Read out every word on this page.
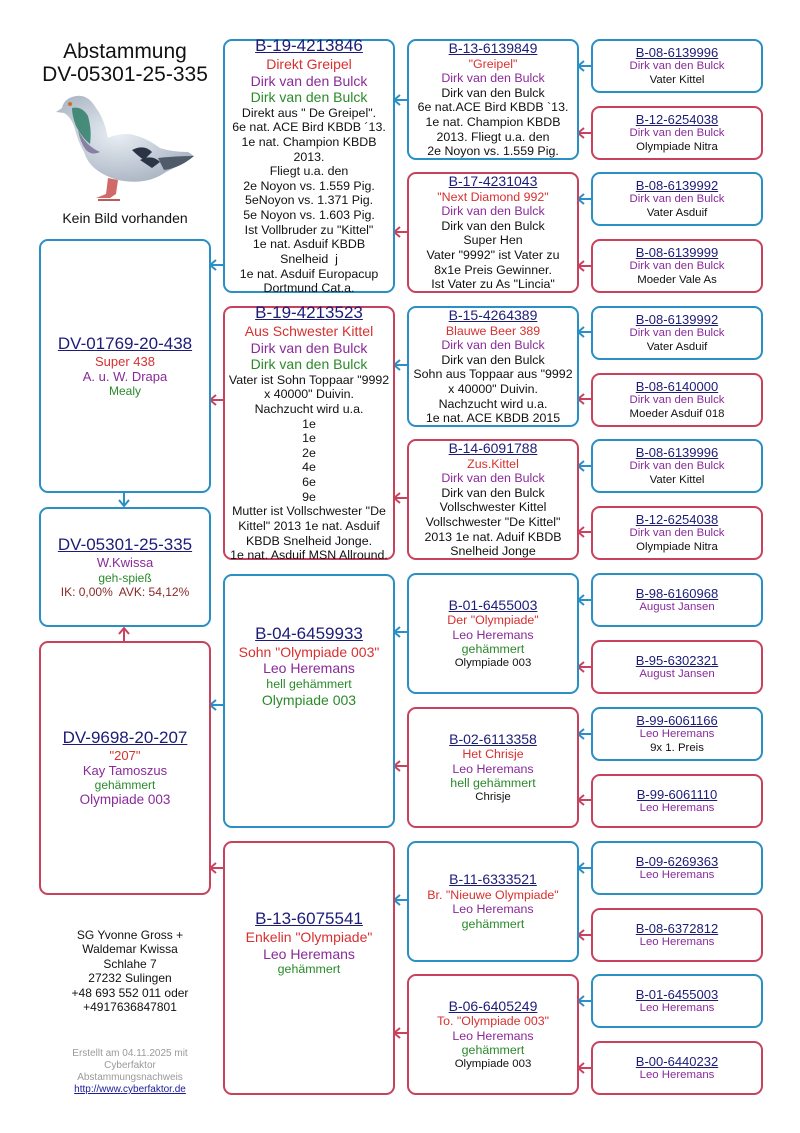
Abstammung
DV-05301-25-335
Kein Bild vorhanden
DV-01769-20-438
Super 438
A. u. W. Drapa
Mealy
DV-05301-25-335
W.Kwissa
geh-spieß
IK: 0,00%  AVK: 54,12%
DV-9698-20-207
"207"
Kay Tamoszus
gehämmert
Olympiade 003
SG Yvonne Gross +
Waldemar Kwissa
Schlahe 7
27232 Sulingen
+48 693 552 011 oder
+4917636847801
Erstellt am 04.11.2025 mit
Cyberfaktor
Abstammungsnachweis
http://www.cyberfaktor.de
B-19-4213846
Direkt Greipel
Dirk van den Bulck
Dirk van den Bulck
Direkt aus " De Greipel".
6e nat. ACE Bird KBDB ´13.
1e nat. Champion KBDB
2013.
Fliegt u.a. den
2e Noyon vs. 1.559 Pig.
5eNoyon vs. 1.371 Pig.
5e Noyon vs. 1.603 Pig.
Ist Vollbruder zu "Kittel"
1e nat. Asduif KBDB
Snelheid  j
1e nat. Asduif Europacup
Dortmund Cat.a.
B-19-4213523
Aus Schwester Kittel
Dirk van den Bulck
Dirk van den Bulck
Vater ist Sohn Toppaar "9992
x 40000" Duivin.
Nachzucht wird u.a.
1e
1e
2e
4e
6e
9e
Mutter ist Vollschwester "De
Kittel" 2013 1e nat. Asduif
KBDB Snelheid Jonge.
1e nat. Asduif MSN Allround.
B-04-6459933
Sohn "Olympiade 003"
Leo Heremans
hell gehämmert
Olympiade 003
B-13-6075541
Enkelin "Olympiade"
Leo Heremans
gehämmert
B-13-6139849
"Greipel"
Dirk van den Bulck
Dirk van den Bulck
6e nat.ACE Bird KBDB `13.
1e nat. Champion KBDB
2013. Fliegt u.a. den
2e Noyon vs. 1.559 Pig.
B-17-4231043
"Next Diamond 992"
Dirk van den Bulck
Dirk van den Bulck
Super Hen
Vater "9992" ist Vater zu
8x1e Preis Gewinner.
Ist Vater zu As "Lincia"
B-15-4264389
Blauwe Beer 389
Dirk van den Bulck
Dirk van den Bulck
Sohn aus Toppaar aus "9992
x 40000" Duivin.
Nachzucht wird u.a.
1e nat. ACE KBDB 2015
B-14-6091788
Zus.Kittel
Dirk van den Bulck
Dirk van den Bulck
Vollschwester Kittel
Vollschwester "De Kittel"
2013 1e nat. Aduif KBDB
Snelheid Jonge
B-01-6455003
Der "Olympiade"
Leo Heremans
gehämmert
Olympiade 003
B-02-6113358
Het Chrisje
Leo Heremans
hell gehämmert
Chrisje
B-11-6333521
Br. "Nieuwe Olympiade"
Leo Heremans
gehämmert
B-06-6405249
To. "Olympiade 003"
Leo Heremans
gehämmert
Olympiade 003
B-08-6139996
Dirk van den Bulck
Vater Kittel
B-12-6254038
Dirk van den Bulck
Olympiade Nitra
B-08-6139992
Dirk van den Bulck
Vater Asduif
B-08-6139999
Dirk van den Bulck
Moeder Vale As
B-08-6139992
Dirk van den Bulck
Vater Asduif
B-08-6140000
Dirk van den Bulck
Moeder Asduif 018
B-08-6139996
Dirk van den Bulck
Vater Kittel
B-12-6254038
Dirk van den Bulck
Olympiade Nitra
B-98-6160968
August Jansen
B-95-6302321
August Jansen
B-99-6061166
Leo Heremans
9x 1. Preis
B-99-6061110
Leo Heremans
B-09-6269363
Leo Heremans
B-08-6372812
Leo Heremans
B-01-6455003
Leo Heremans
B-00-6440232
Leo Heremans
